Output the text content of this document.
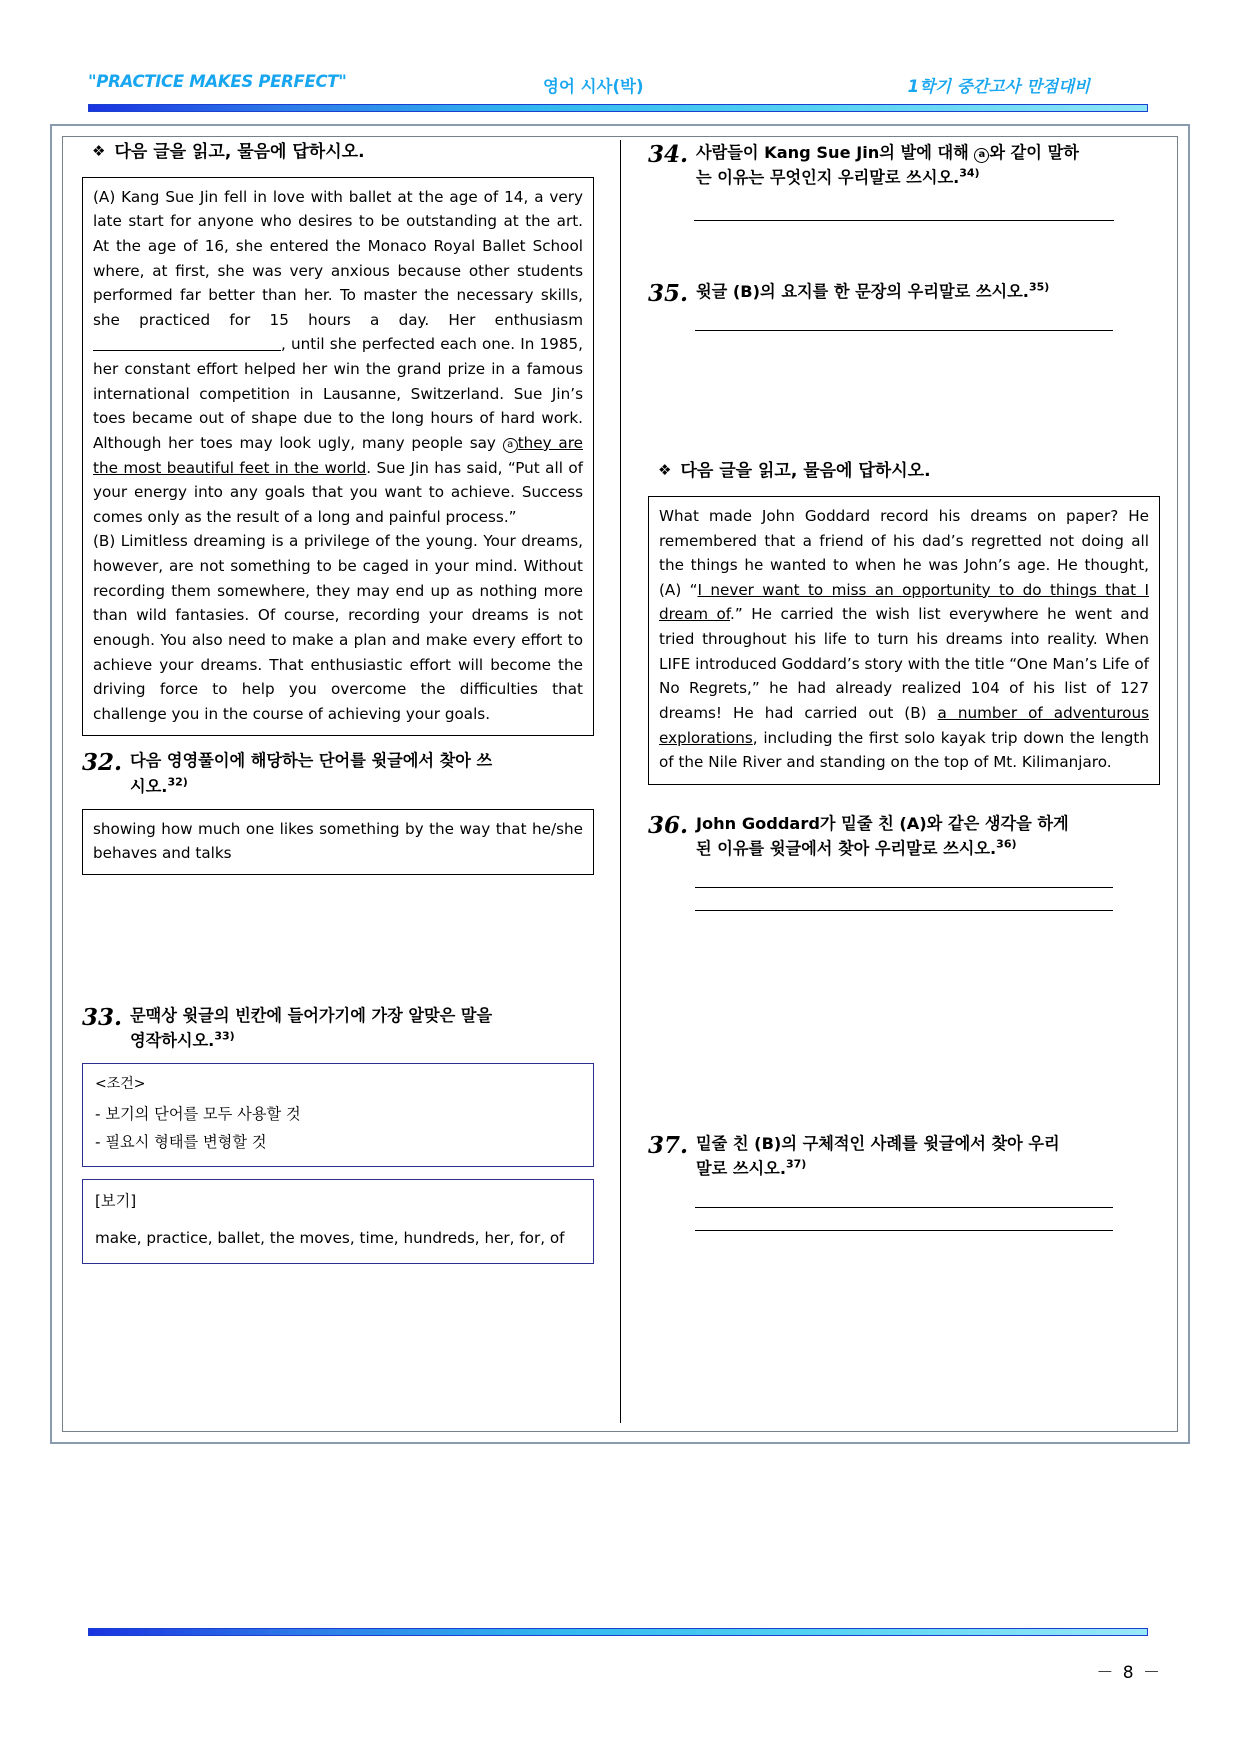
"PRACTICE MAKES PERFECT"	영어 시사(박)	1학기 중간고사 만점대비
❖ 다음 글을 읽고, 물음에 답하시오.

(A) Kang Sue Jin fell in love with ballet at the age of 14, a very late start for anyone who desires to be outstanding at the art. At the age of 16, she entered the Monaco Royal Ballet School where, at first, she was very anxious because other students performed far better than her. To master the necessary skills, she practiced for 15 hours a day. Her enthusiasm, until she perfected each one. In 1985, her constant effort helped her win the grand prize in a famous international competition in Lausanne, Switzerland. Sue Jin’s toes became out of shape due to the long hours of hard work. Although her toes may look ugly, many people say a they are the most beautiful feet in the world. Sue Jin has said, “Put all of your energy into any goals that you want to achieve. Success comes only as the result of a long and painful process.”

(B) Limitless dreaming is a privilege of the young. Your dreams, however, are not something to be caged in your mind. Without recording them somewhere, they may end up as nothing more than wild fantasies. Of course, recording your dreams is not enough. You also need to make a plan and make every effort to achieve your dreams. That enthusiastic effort will become the driving force to help you overcome the difficulties that challenge you in the course of achieving your goals.

32. 다음 영영풀이에 해당하는 단어를 윗글에서 찾아 쓰
시오.$^{32)}$
showing how much one likes something by the way that he/she behaves and talks
33. 문맥상 윗글의 빈칸에 들어가기에 가장 알맞은 말을
영작하시오.$^{33)}$

<조건>

- 보기의 단어를 모두 사용할 것
- 필요시 형태를 변형할 것

[보기]

make, practice, ballet, the moves, time, hundreds, her, for, of

34. 사람들이 Kang Sue Jin의 발에 대해 a 와 같이 말하
는 이유는 무엇인지 우리말로 쓰시오.$^{34)}$
35. 윗글 (B)의 요지를 한 문장의 우리말로 쓰시오.$^{35)}$
❖ 다음 글을 읽고, 물음에 답하시오.

What made John Goddard record his dreams on paper? He remembered that a friend of his dad’s regretted not doing all the things he wanted to when he was John’s age. He thought, (A) “I never want to miss an opportunity to do things that I dream of.” He carried the wish list everywhere he went and tried throughout his life to turn his dreams into reality. When LIFE introduced Goddard’s story with the title “One Man’s Life of No Regrets,” he had already realized 104 of his list of 127 dreams! He had carried out (B) a number of adventurous explorations, including the first solo kayak trip down the length of the Nile River and standing on the top of Mt. Kilimanjaro.

36. John Goddard가 밑줄 친 (A)와 같은 생각을 하게
된 이유를 윗글에서 찾아 우리말로 쓰시오.$^{36)}$
37. 밑줄 친 (B)의 구체적인 사례를 윗글에서 찾아 우리
말로 쓰시오.$^{37)}$
－ 8 －
